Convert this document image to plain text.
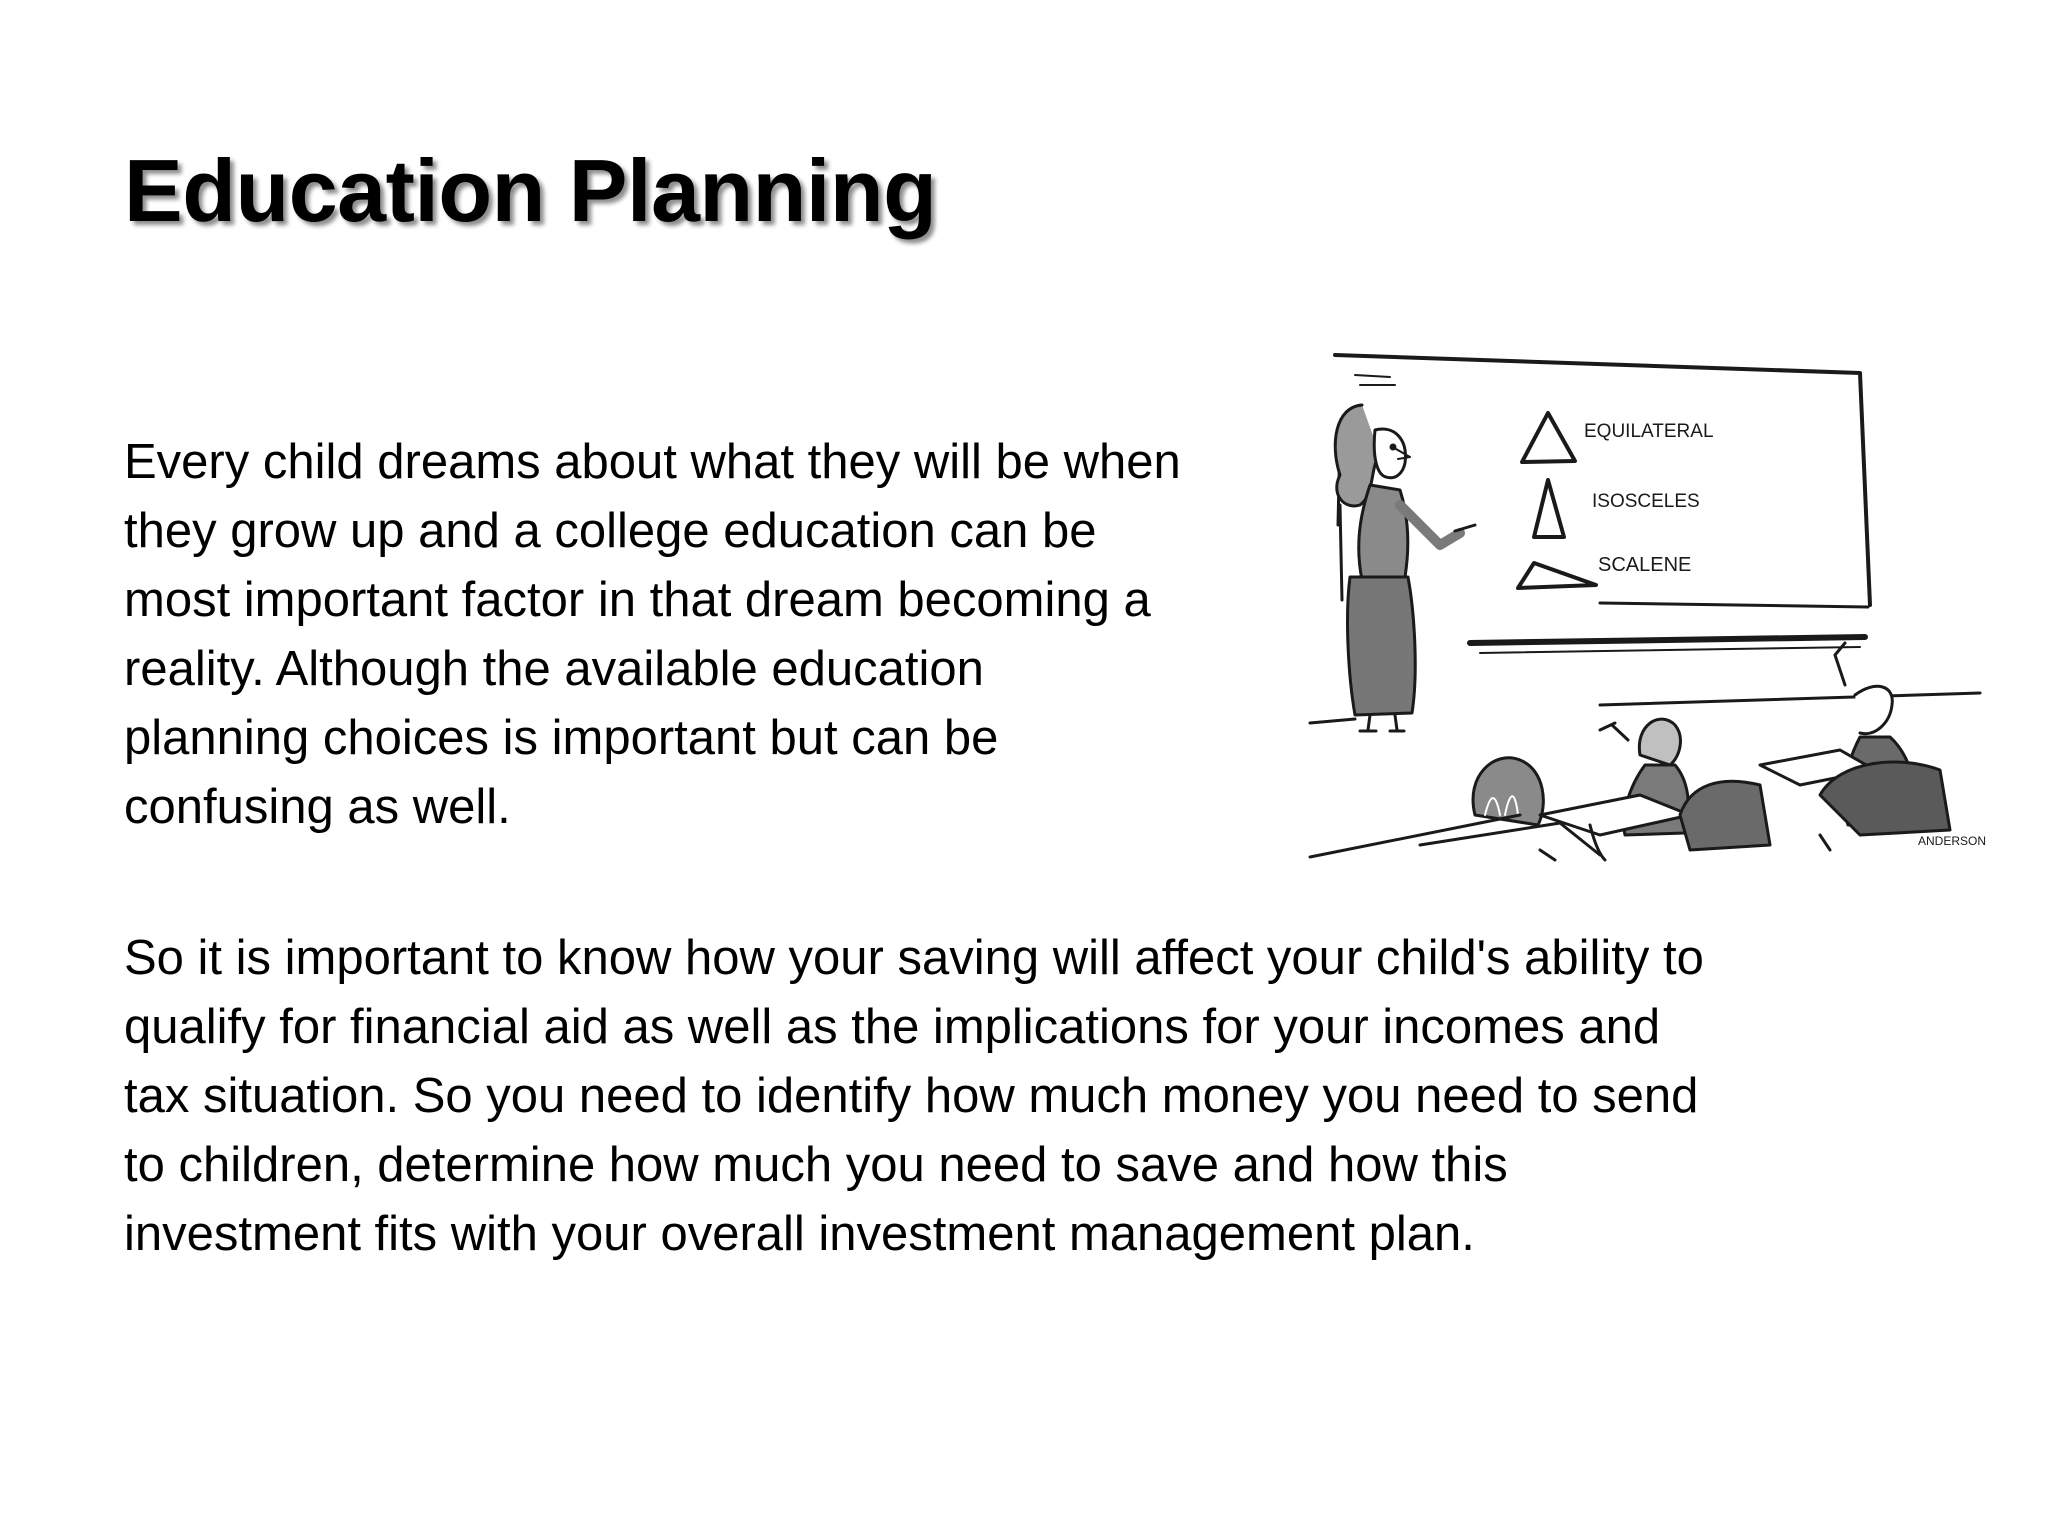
Education Planning

Every child dreams about what they will be when
they grow up and a college education can be
most important factor in that dream becoming a
reality. Although the available education
planning choices is important but can be
confusing as well.

EQUILATERAL
ISOSCELES
SCALENE
ANDERSON

So it is important to know how your saving will affect your child's ability to
qualify for financial aid as well as the implications for your incomes and
tax situation. So you need to identify how much money you need to send
to children, determine how much you need to save and how this
investment fits with your overall investment management plan.
